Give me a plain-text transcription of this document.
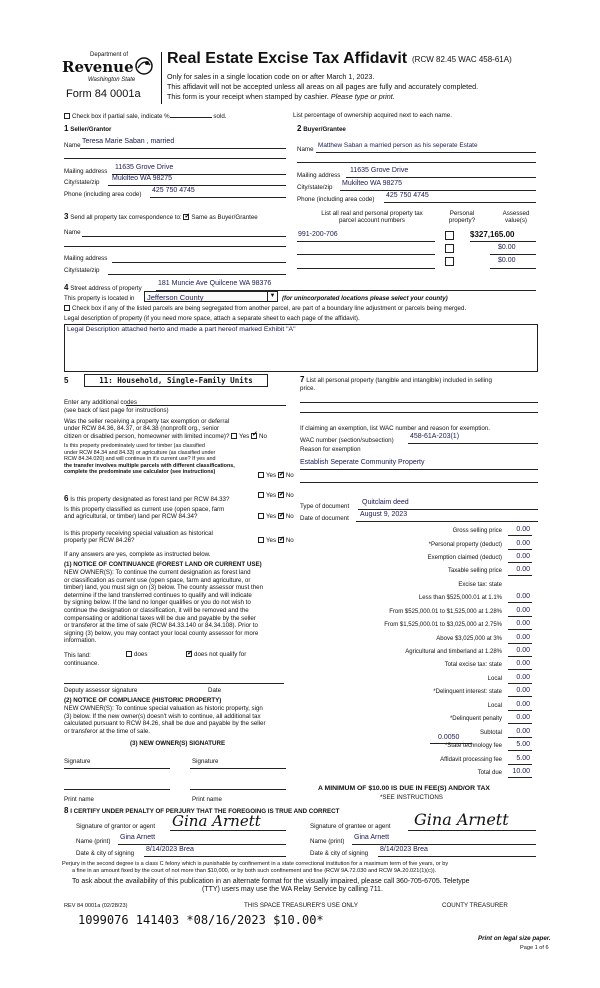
Department of
Revenue
Washington State
Form 84 0001a
Real Estate Excise Tax Affidavit (RCW 82.45 WAC 458-61A)
Only for sales in a single location code on or after March 1, 2023.
This affidavit will not be accepted unless all areas on all pages are fully and accurately completed.
This form is your receipt when stamped by cashier. Please type or print.
Check box if partial sale, indicate %	sold.	List percentage of ownership acquired next to each name.
1 Seller/Grantor
Name
Teresa Marie Saban , married
Mailing address
11635 Grove Drive
City/state/zip
Mukilteo WA 98275
Phone (including area code)
425 750 4745
2 Buyer/Grantee
Name
Matthew Saban a married person as his seperate Estate
Mailing address
11635 Grove Drive
City/state/zip
Mukilteo WA 98275
Phone (including area code)
425 750 4745
3 Send all property tax correspondence to: ✓ Same as Buyer/Grantee
Name
Mailing address
City/state/zip
List all real and personal property tax
parcel account numbers
Personal
property?
Assessed
value(s)
991-200-706	$327,165.00
$0.00
$0.00
4 Street address of property
181 Muncie Ave Quilcene WA 98376
This property is located in Jefferson County	▼ (for unincorporated locations please select your county)
Check box if any of the listed parcels are being segregated from another parcel, are part of a boundary line adjustment or parcels being merged.
Legal description of property (if you need more space, attach a separate sheet to each page of the affidavit).
Legal Description attached herto and made a part hereof marked Exhibit "A"
5	11: Household, Single-Family Units
Enter any additional codes
(see back of last page for instructions)
Was the seller receiving a property tax exemption or deferral
under RCW 84.36, 84.37, or 84.38 (nonprofit org., senior
citizen or disabled person, homeowner with limited income)? Yes ✓ No
Is this property predominately used for timber (as classified
under RCW 84.34 and 84.33) or agriculture (as classified under
RCW 84.34.020) and will continue in it's current use? If yes and
the transfer involves multiple parcels with different classifications,
complete the predominate use calculator (see instructions)	Yes ✓ No
6 Is this property designated as forest land per RCW 84.33?
Yes ✓ No
Is this property classified as current use (open space, farm
and agricultural, or timber) land per RCW 84.34?	Yes ✓ No
Is this property receiving special valuation as historical
property per RCW 84.26?	Yes ✓ No
If any answers are yes, complete as instructed below.
(1) NOTICE OF CONTINUANCE (FOREST LAND OR CURRENT USE)
NEW OWNER(S): To continue the current designation as forest land
or classification as current use (open space, farm and agriculture, or
timber) land, you must sign on (3) below. The county assessor must then
determine if the land transferred continues to qualify and will indicate
by signing below. If the land no longer qualifies or you do not wish to
continue the designation or classification, it will be removed and the
compensating or additional taxes will be due and payable by the seller
or transferor at the time of sale (RCW 84.33.140 or 84.34.108). Prior to
signing (3) below, you may contact your local county assessor for more
information.
This land:
continuance.
does ✓	does not qualify for
Deputy assessor signature	Date
(2) NOTICE OF COMPLIANCE (HISTORIC PROPERTY)
NEW OWNER(S): To continue special valuation as historic property, sign
(3) below. If the new owner(s) doesn't wish to continue, all additional tax
calculated pursuant to RCW 84.26, shall be due and payable by the seller
or transferor at the time of sale.
(3) NEW OWNER(S) SIGNATURE
Signature	Signature
Print name	Print name
7 List all personal property (tangible and intangible) included in selling
price.
If claiming an exemption, list WAC number and reason for exemption.
WAC number (section/subsection)
458-61A-203(1)
Reason for exemption
Establish Seperate Community Property
Type of document
Quitclaim deed
Date of document
August 9, 2023
Gross selling price	0.00
*Personal property (deduct)	0.00
Exemption claimed (deduct)	0.00
Taxable selling price	0.00
Excise tax: state
Less than $525,000.01 at 1.1%	0.00
From $525,000.01 to $1,525,000 at 1.28%	0.00
From $1,525,000.01 to $3,025,000 at 2.75%	0.00
Above $3,025,000 at 3%	0.00
Agricultural and timberland at 1.28%	0.00
Total excise tax: state	0.00
Local	0.00
*Delinquent interest: state	0.00
Local	0.00
*Delinquent penalty	0.00
Subtotal	0.00
*State technology fee	5.00
Affidavit processing fee	5.00
Total due	10.00
0.0050
A MINIMUM OF $10.00 IS DUE IN FEE(S) AND/OR TAX
*SEE INSTRUCTIONS
8 I CERTIFY UNDER PENALTY OF PERJURY THAT THE FOREGOING IS TRUE AND CORRECT
Signature of grantor or agent Gina Arnett	Signature of grantee or agent Gina Arnett
Name (print)
Gina Arnett
Name (print)
Gina Arnett
Date & city of signing
8/14/2023 Brea
Date & city of signing
8/14/2023 Brea
Perjury in the second degree is a class C felony which is punishable by confinement in a state correctional institution for a maximum term of five years, or by
a fine in an amount fixed by the court of not more than $10,000, or by both such confinement and fine (RCW 9A.72.030 and RCW 9A.20.021(1)(c)).
To ask about the availability of this publication in an alternate format for the visually impaired, please call 360-705-6705. Teletype
(TTY) users may use the WA Relay Service by calling 711.
REV 84 0001a (02/28/23)	THIS SPACE TREASURER'S USE ONLY	COUNTY TREASURER
1099076 141403 *08/16/2023 $10.00*
Print on legal size paper.
Page 1 of 6
